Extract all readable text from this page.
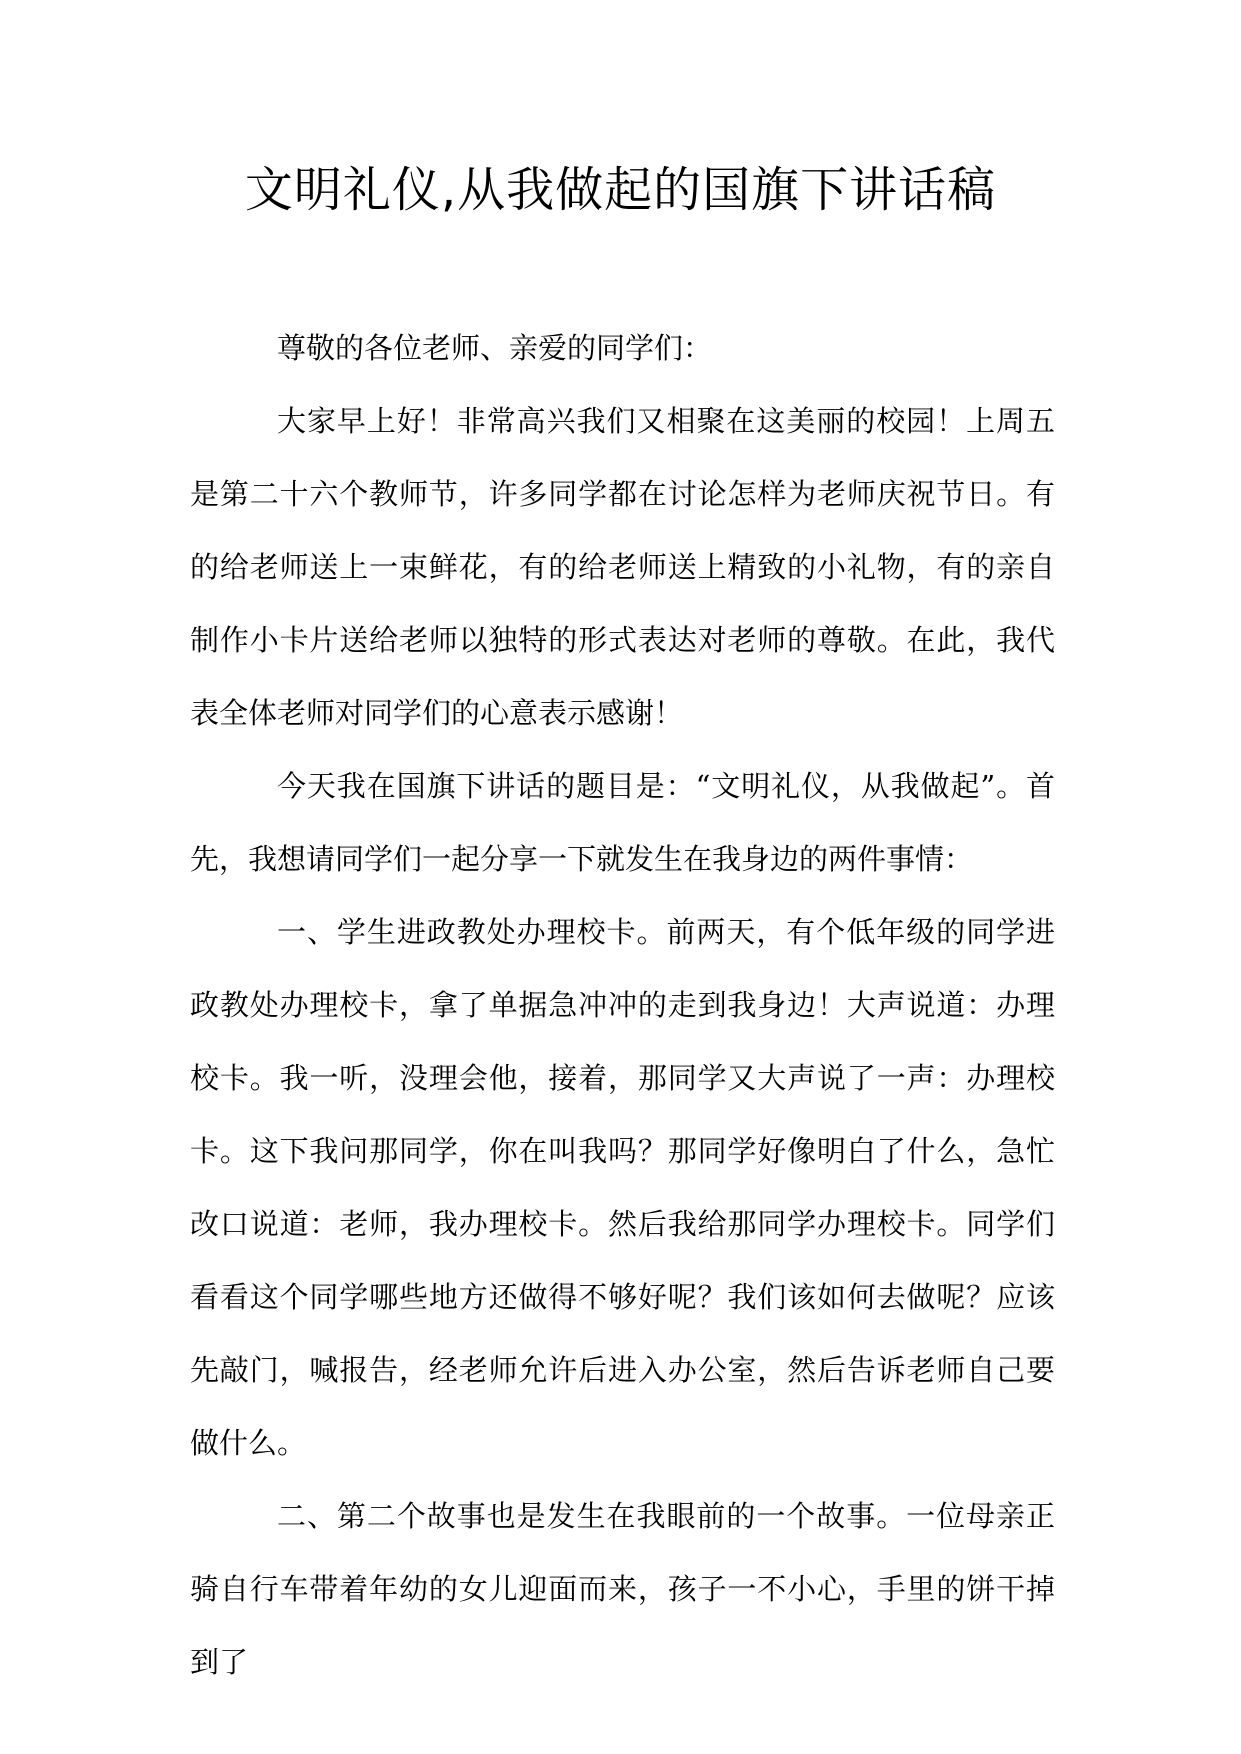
文明礼仪,从我做起的国旗下讲话稿

尊敬的各位老师、亲爱的同学们：

大家早上好！非常高兴我们又相聚在这美丽的校园！上周五是第二十六个教师节，许多同学都在讨论怎样为老师庆祝节日。有的给老师送上一束鲜花，有的给老师送上精致的小礼物，有的亲自制作小卡片送给老师以独特的形式表达对老师的尊敬。在此，我代表全体老师对同学们的心意表示感谢！

今天我在国旗下讲话的题目是：“文明礼仪，从我做起”。首先，我想请同学们一起分享一下就发生在我身边的两件事情：

一、学生进政教处办理校卡。前两天，有个低年级的同学进政教处办理校卡，拿了单据急冲冲的走到我身边！大声说道：办理校卡。我一听，没理会他，接着，那同学又大声说了一声：办理校卡。这下我问那同学，你在叫我吗？那同学好像明白了什么，急忙改口说道：老师，我办理校卡。然后我给那同学办理校卡。同学们看看这个同学哪些地方还做得不够好呢？我们该如何去做呢？应该先敲门，喊报告，经老师允许后进入办公室，然后告诉老师自己要做什么。

二、第二个故事也是发生在我眼前的一个故事。一位母亲正骑自行车带着年幼的女儿迎面而来，孩子一不小心，手里的饼干掉到了
